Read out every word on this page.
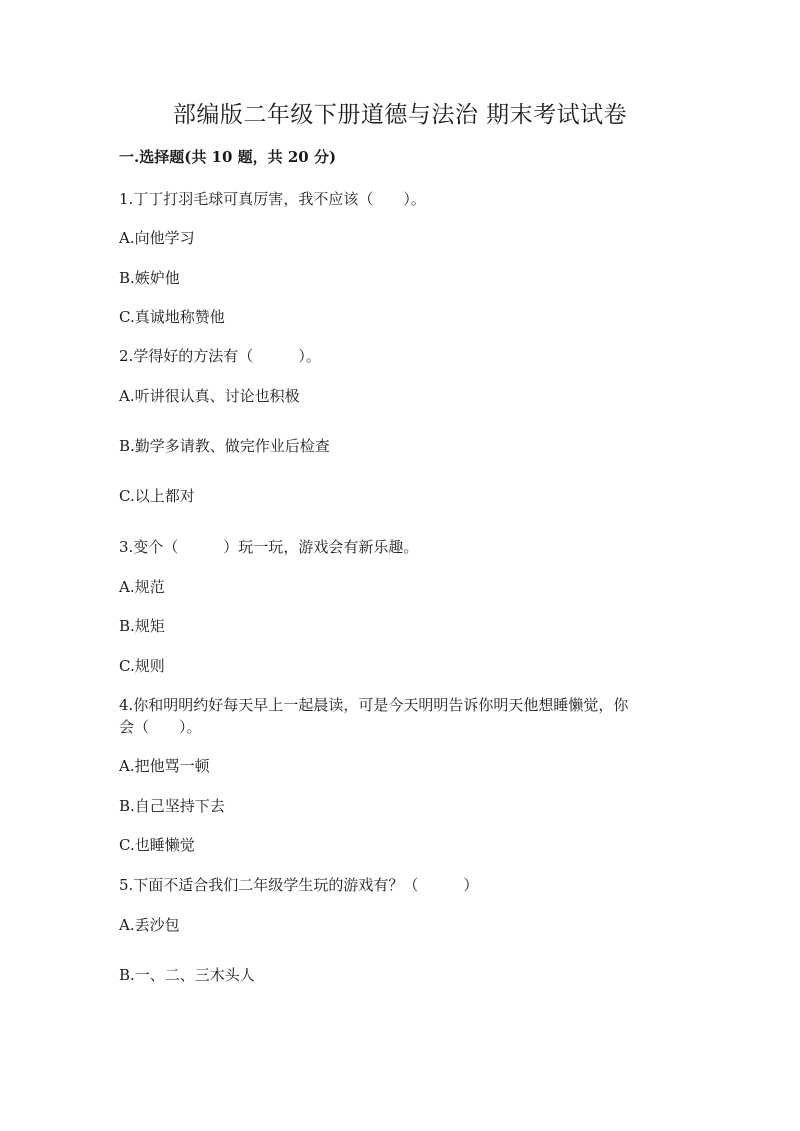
部编版二年级下册道德与法治 期末考试试卷

一.选择题(共 10 题，共 20 分)

1.丁丁打羽毛球可真厉害，我不应该（　　）。

A.向他学习

B.嫉妒他

C.真诚地称赞他

2.学得好的方法有（　　　）。

A.听讲很认真、讨论也积极

B.勤学多请教、做完作业后检查

C.以上都对

3.变个（　　　）玩一玩，游戏会有新乐趣。

A.规范

B.规矩

C.规则

4.你和明明约好每天早上一起晨读，可是今天明明告诉你明天他想睡懒觉，你

会（　　）。

A.把他骂一顿

B.自己坚持下去

C.也睡懒觉

5.下面不适合我们二年级学生玩的游戏有？（　　　）

A.丢沙包

B.一、二、三木头人
